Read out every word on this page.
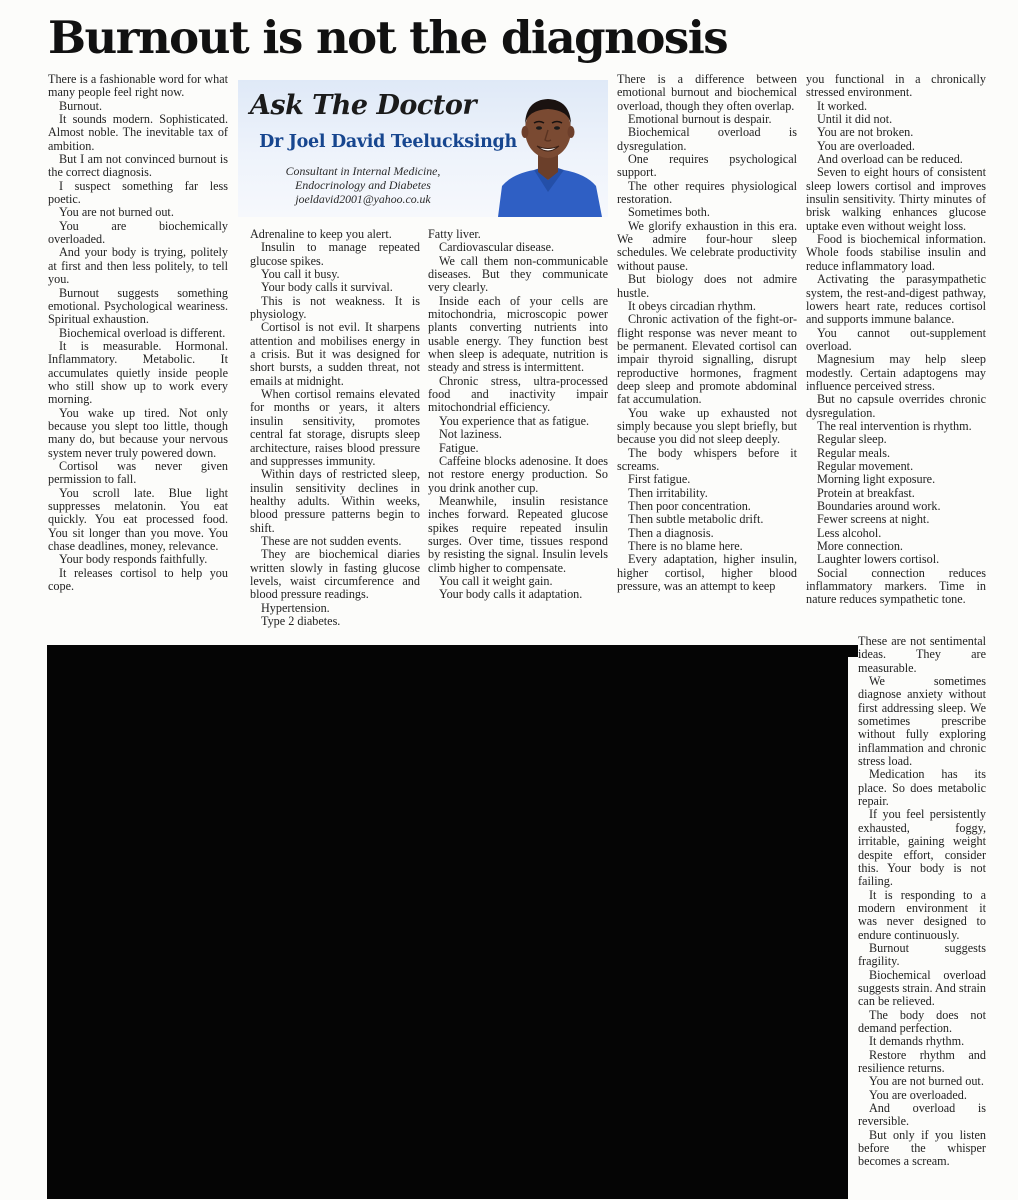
Burnout is not the diagnosis

There is a fashionable word for what many people feel right now.

Burnout.

It sounds modern. Sophisticated. Almost noble. The inevitable tax of ambition.

But I am not convinced burnout is the correct diagnosis.

I suspect something far less poetic.

You are not burned out.

You are biochemically overloaded.

And your body is trying, politely at first and then less politely, to tell you.

Burnout suggests something emotional. Psychological weariness. Spiritual exhaustion.

Biochemical overload is different.

It is measurable. Hormonal. Inflammatory. Metabolic. It accumulates quietly inside people who still show up to work every morning.

You wake up tired. Not only because you slept too little, though many do, but because your nervous system never truly powered down.

Cortisol was never given permission to fall.

You scroll late. Blue light suppresses melatonin. You eat quickly. You eat processed food. You sit longer than you move. You chase deadlines, money, relevance.

Your body responds faithfully.

It releases cortisol to help you cope.

Ask The Doctor
Dr Joel David Teelucksingh
Consultant in Internal Medicine,
Endocrinology and Diabetes
joeldavid2001@yahoo.co.uk

Adrenaline to keep you alert.

Insulin to manage repeated glucose spikes.

You call it busy.

Your body calls it survival.

This is not weakness. It is physiology.

Cortisol is not evil. It sharpens attention and mobilises energy in a crisis. But it was designed for short bursts, a sudden threat, not emails at midnight.

When cortisol remains elevated for months or years, it alters insulin sensitivity, promotes central fat storage, disrupts sleep architecture, raises blood pressure and suppresses immunity.

Within days of restricted sleep, insulin sensitivity declines in healthy adults. Within weeks, blood pressure patterns begin to shift.

These are not sudden events.

They are biochemical diaries written slowly in fasting glucose levels, waist circumference and blood pressure readings.

Hypertension.

Type 2 diabetes.

Fatty liver.

Cardiovascular disease.

We call them non-communicable diseases. But they communicate very clearly.

Inside each of your cells are mitochondria, microscopic power plants converting nutrients into usable energy. They function best when sleep is adequate, nutrition is steady and stress is intermittent.

Chronic stress, ultra-processed food and inactivity impair mitochondrial efficiency.

You experience that as fatigue.

Not laziness.

Fatigue.

Caffeine blocks adenosine. It does not restore energy production. So you drink another cup.

Meanwhile, insulin resistance inches forward. Repeated glucose spikes require repeated insulin surges. Over time, tissues respond by resisting the signal. Insulin levels climb higher to compensate.

You call it weight gain.

Your body calls it adaptation.

There is a difference between emotional burnout and biochemical overload, though they often overlap.

Emotional burnout is despair.

Biochemical overload is dysregulation.

One requires psychological support.

The other requires physiological restoration.

Sometimes both.

We glorify exhaustion in this era. We admire four-hour sleep schedules. We celebrate productivity without pause.

But biology does not admire hustle.

It obeys circadian rhythm.

Chronic activation of the fight-or-flight response was never meant to be permanent. Elevated cortisol can impair thyroid signalling, disrupt reproductive hormones, fragment deep sleep and promote abdominal fat accumulation.

You wake up exhausted not simply because you slept briefly, but because you did not sleep deeply.

The body whispers before it screams.

First fatigue.

Then irritability.

Then poor concentration.

Then subtle metabolic drift.

Then a diagnosis.

There is no blame here.

Every adaptation, higher insulin, higher cortisol, higher blood pressure, was an attempt to keep

you functional in a chronically stressed environment.

It worked.

Until it did not.

You are not broken.

You are overloaded.

And overload can be reduced.

Seven to eight hours of consistent sleep lowers cortisol and improves insulin sensitivity. Thirty minutes of brisk walking enhances glucose uptake even without weight loss.

Food is biochemical information. Whole foods stabilise insulin and reduce inflammatory load.

Activating the parasympathetic system, the rest-and-digest pathway, lowers heart rate, reduces cortisol and supports immune balance.

You cannot out-supplement overload.

Magnesium may help sleep modestly. Certain adaptogens may influence perceived stress.

But no capsule overrides chronic dysregulation.

The real intervention is rhythm.

Regular sleep.

Regular meals.

Regular movement.

Morning light exposure.

Protein at breakfast.

Boundaries around work.

Fewer screens at night.

Less alcohol.

More connection.

Laughter lowers cortisol.

Social connection reduces inflammatory markers. Time in nature reduces sympathetic tone.

These are not sentimental ideas. They are measurable.

We sometimes diagnose anxiety without first addressing sleep. We sometimes prescribe without fully exploring inflammation and chronic stress load.

Medication has its place. So does metabolic repair.

If you feel persistently exhausted, foggy, irritable, gaining weight despite effort, consider this. Your body is not failing.

It is responding to a modern environment it was never designed to endure continuously.

Burnout suggests fragility.

Biochemical overload suggests strain. And strain can be relieved.

The body does not demand perfection.

It demands rhythm.

Restore rhythm and resilience returns.

You are not burned out.

You are overloaded.

And overload is reversible.

But only if you listen before the whisper becomes a scream.
